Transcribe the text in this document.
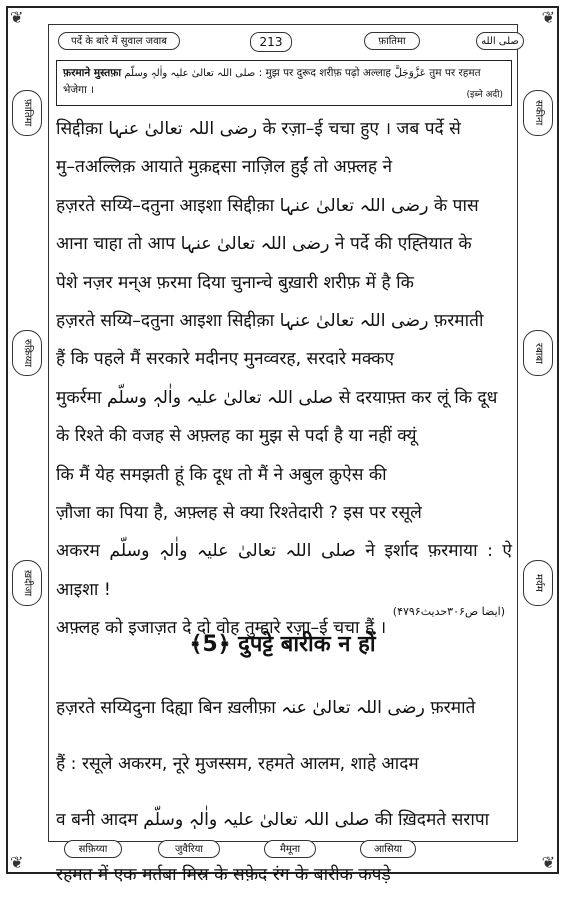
❦	❦
❦	❦
पर्दे के बारे में सुवाल जवाब	213	फ़ातिमा	صلى الله
फ़ातिमा
रुक़िय्या
ख़दीजा
सकीना
रबाबा
मर्यम
फ़रमाने मुस्तफ़ा صلی اللہ تعالیٰ علیہ واٰلہٖ وسلّم : मुझ पर दुरूद शरीफ़ पढ़ो अल्लाह عَزَّوَجَلَّ तुम पर रहमत भेजेगा ।	(इब्ने अदी)

सिद्दीक़ा رضی اللہ تعالیٰ عنہا के रज़ा–ई चचा हुए । जब पर्दे से

मु–तअल्लिक़ आयाते मुक़द्दसा नाज़िल हुईं तो अफ़्लह ने

हज़रते सय्यि–दतुना आइशा सिद्दीक़ा رضی اللہ تعالیٰ عنہا के पास

आना चाहा तो आप رضی اللہ تعالیٰ عنہا ने पर्दे की एह्तियात के

पेशे नज़र मन्अ फ़रमा दिया चुनान्चे बुख़ारी शरीफ़ में है कि

हज़रते सय्यि–दतुना आइशा सिद्दीक़ा رضی اللہ تعالیٰ عنہا फ़रमाती

हैं कि पहले मैं सरकारे मदीनए मुनव्वरह, सरदारे मक्कए

मुकर्रमा صلی اللہ تعالیٰ علیہ واٰلہٖ وسلّم से दरयाफ़्त कर लूं कि दूध

के रिश्ते की वजह से अफ़्लह का मुझ से पर्दा है या नहीं क्यूं

कि मैं येह समझती हूं कि दूध तो मैं ने अबुल क़ुऐस की

ज़ौजा का पिया है, अफ़्लह से क्या रिश्तेदारी ? इस पर रसूले

अकरम صلی اللہ تعالیٰ علیہ واٰلہٖ وسلّم ने इर्शाद फ़रमाया : ऐ आइशा !

अफ़्लह को इजाज़त दे दो वोह तुम्हारे रज़ा–ई चचा हैं ।

(ایضا ص۳۰۶حدیث۴۷۹۶)
﴾5﴿ दुपट्टे बारीक न हों

हज़रते सय्यिदुना दिह्या बिन ख़लीफ़ा رضی اللہ تعالیٰ عنہ फ़रमाते

हैं : रसूले अकरम, नूरे मुजस्सम, रहमते आलम, शाहे आदम

व बनी आदम صلی اللہ تعالیٰ علیہ واٰلہٖ وسلّم की ख़िदमते सरापा

रहमत में एक मर्तबा मिस्र के सफ़ेद रंग के बारीक कपड़े

सफ़िय्या	जुवैरिया	मैमूना	आसिया
